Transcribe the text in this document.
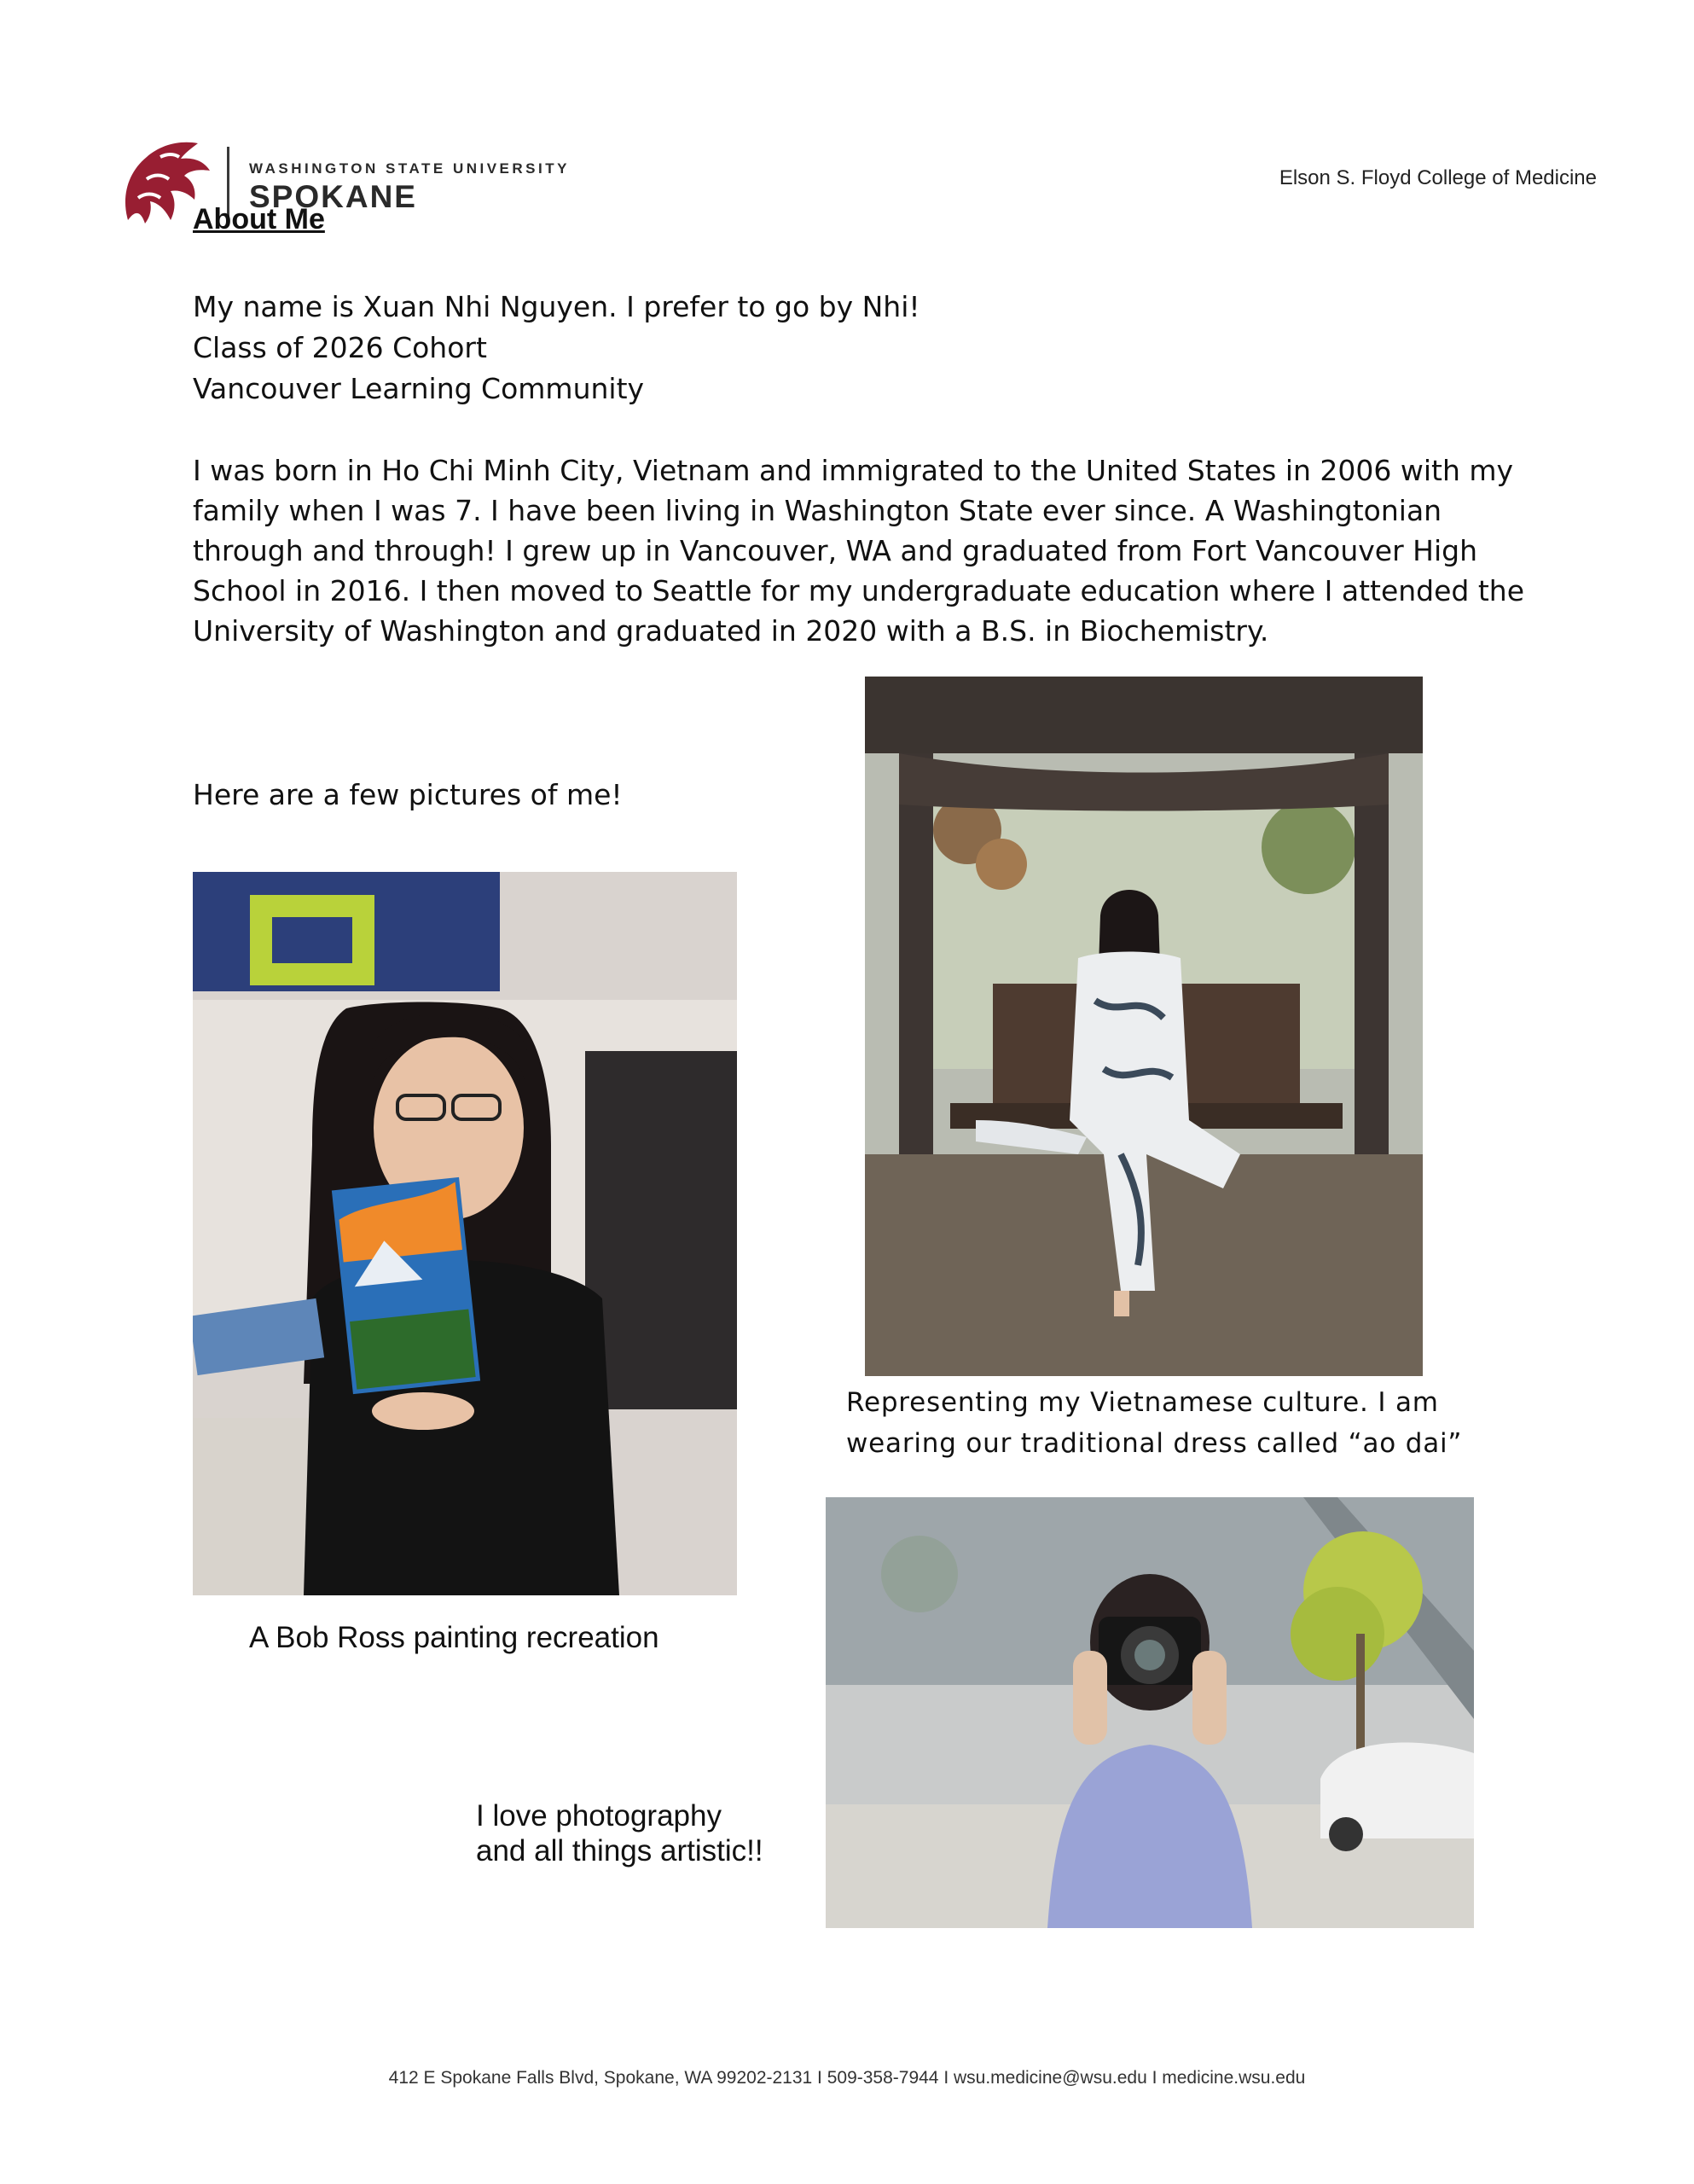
WASHINGTON STATE UNIVERSITY
SPOKANE
About Me
Elson S. Floyd College of Medicine
My name is Xuan Nhi Nguyen. I prefer to go by Nhi!
Class of 2026 Cohort
Vancouver Learning Community
I was born in Ho Chi Minh City, Vietnam and immigrated to the United States in 2006 with my
family when I was 7. I have been living in Washington State ever since. A Washingtonian
through and through! I grew up in Vancouver, WA and graduated from Fort Vancouver High
School in 2016. I then moved to Seattle for my undergraduate education where I attended the
University of Washington and graduated in 2020 with a B.S. in Biochemistry.
Here are a few pictures of me!
Representing my Vietnamese culture. I am
wearing our traditional dress called “ao dai”
A Bob Ross painting recreation
I love photography
and all things artistic!!
412 E Spokane Falls Blvd, Spokane, WA 99202-2131 I 509-358-7944 I wsu.medicine@wsu.edu I medicine.wsu.edu
